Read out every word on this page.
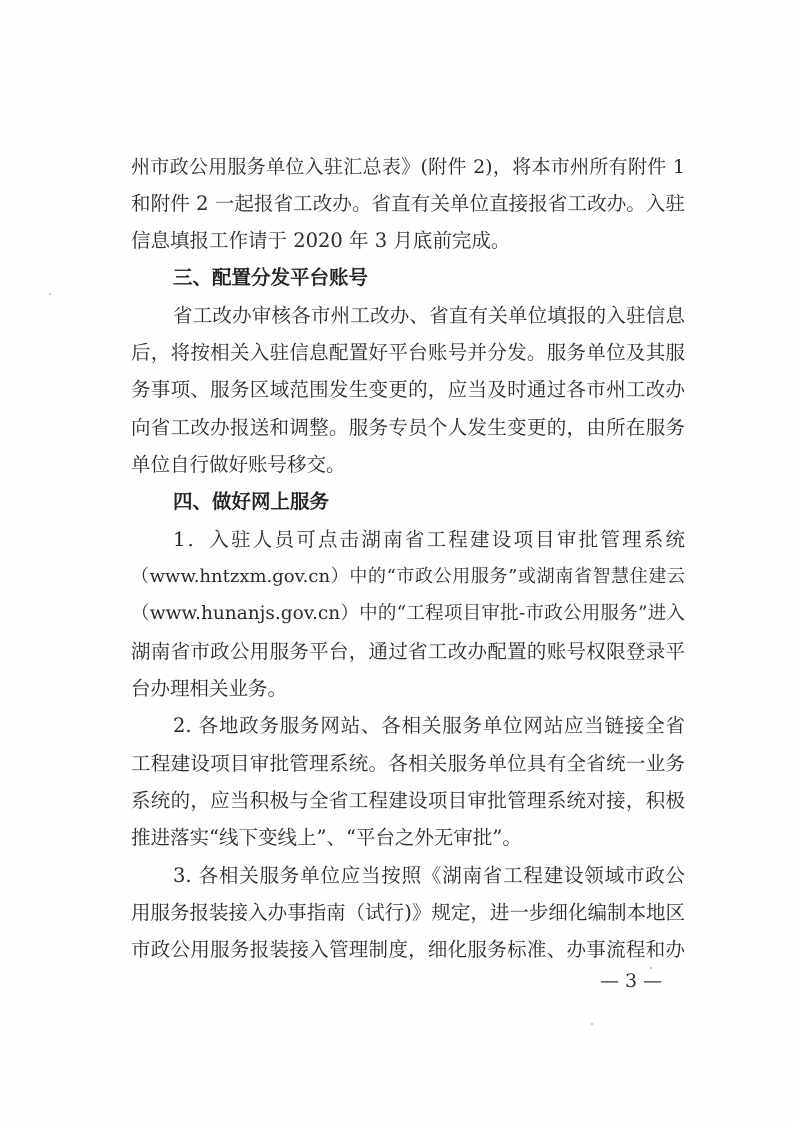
州市政公用服务单位入驻汇总表》(附件 2)，将本市州所有附件 1
和附件 2 一起报省工改办。省直有关单位直接报省工改办。入驻
信息填报工作请于 2020 年 3 月底前完成。
三、配置分发平台账号
省工改办审核各市州工改办、省直有关单位填报的入驻信息
后，将按相关入驻信息配置好平台账号并分发。服务单位及其服
务事项、服务区域范围发生变更的，应当及时通过各市州工改办
向省工改办报送和调整。服务专员个人发生变更的，由所在服务
单位自行做好账号移交。
四、做好网上服务
1．入驻人员可点击湖南省工程建设项目审批管理系统
（www.hntzxm.gov.cn）中的“市政公用服务”或湖南省智慧住建云
（www.hunanjs.gov.cn）中的“工程项目审批-市政公用服务”进入
湖南省市政公用服务平台，通过省工改办配置的账号权限登录平
台办理相关业务。
2. 各地政务服务网站、各相关服务单位网站应当链接全省
工程建设项目审批管理系统。各相关服务单位具有全省统一业务
系统的，应当积极与全省工程建设项目审批管理系统对接，积极
推进落实“线下变线上”、“平台之外无审批”。
3. 各相关服务单位应当按照《湖南省工程建设领域市政公
用服务报装接入办事指南（试行)》规定，进一步细化编制本地区
市政公用服务报装接入管理制度，细化服务标准、办事流程和办
— 3 —
